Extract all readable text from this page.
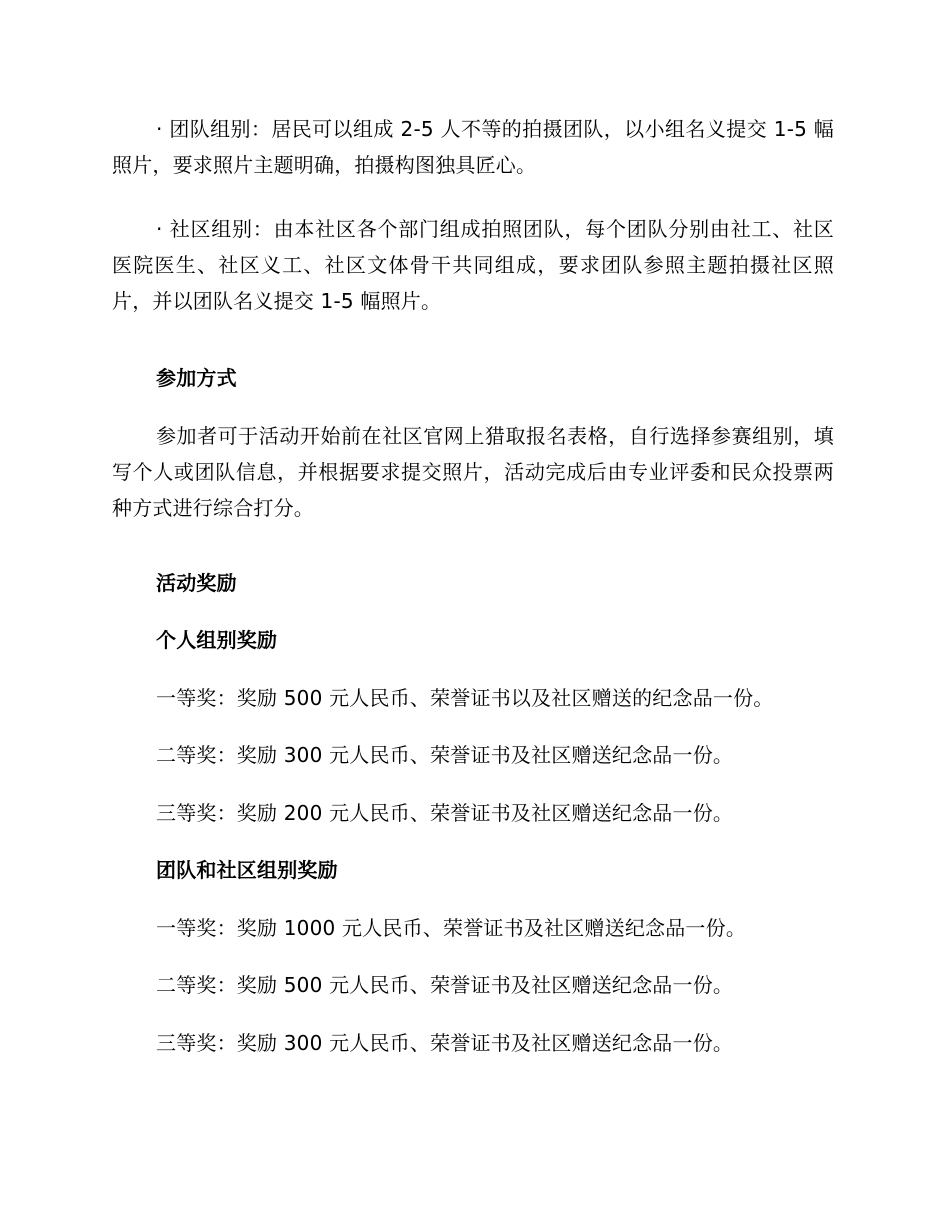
· 团队组别：居民可以组成 2-5 人不等的拍摄团队，以小组名义提交 1-5 幅照片，要求照片主题明确，拍摄构图独具匠心。

· 社区组别：由本社区各个部门组成拍照团队，每个团队分别由社工、社区医院医生、社区义工、社区文体骨干共同组成，要求团队参照主题拍摄社区照片，并以团队名义提交 1-5 幅照片。

参加方式

参加者可于活动开始前在社区官网上猎取报名表格，自行选择参赛组别，填写个人或团队信息，并根据要求提交照片，活动完成后由专业评委和民众投票两种方式进行综合打分。

活动奖励

个人组别奖励

一等奖：奖励 500 元人民币、荣誉证书以及社区赠送的纪念品一份。

二等奖：奖励 300 元人民币、荣誉证书及社区赠送纪念品一份。

三等奖：奖励 200 元人民币、荣誉证书及社区赠送纪念品一份。

团队和社区组别奖励

一等奖：奖励 1000 元人民币、荣誉证书及社区赠送纪念品一份。

二等奖：奖励 500 元人民币、荣誉证书及社区赠送纪念品一份。

三等奖：奖励 300 元人民币、荣誉证书及社区赠送纪念品一份。
